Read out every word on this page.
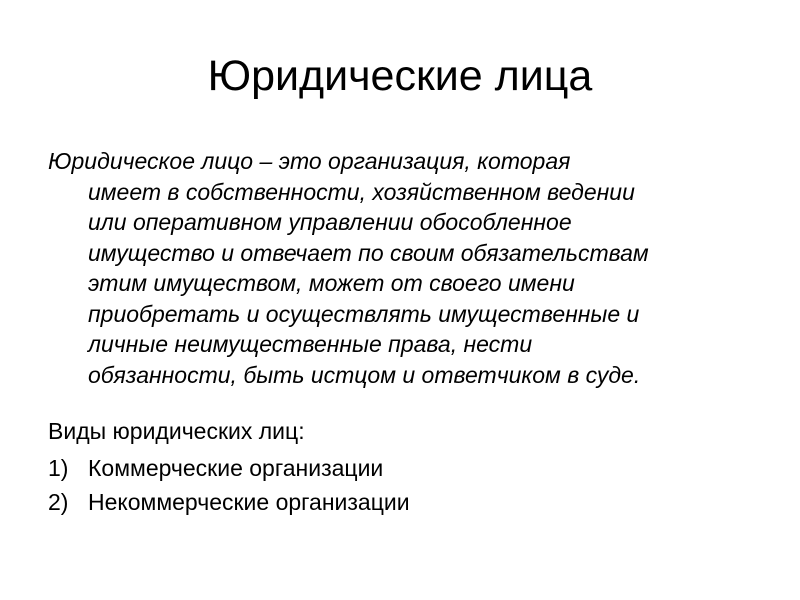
Юридические лица
Юридическое лицо – это организация, которая
имеет в собственности, хозяйственном ведении
или оперативном управлении обособленное
имущество и отвечает по своим обязательствам
этим имуществом, может от своего имени
приобретать и осуществлять имущественные и
личные неимущественные права, нести
обязанности, быть истцом и ответчиком в суде.
Виды юридических лиц:
1) Коммерческие организации
2) Некоммерческие организации
